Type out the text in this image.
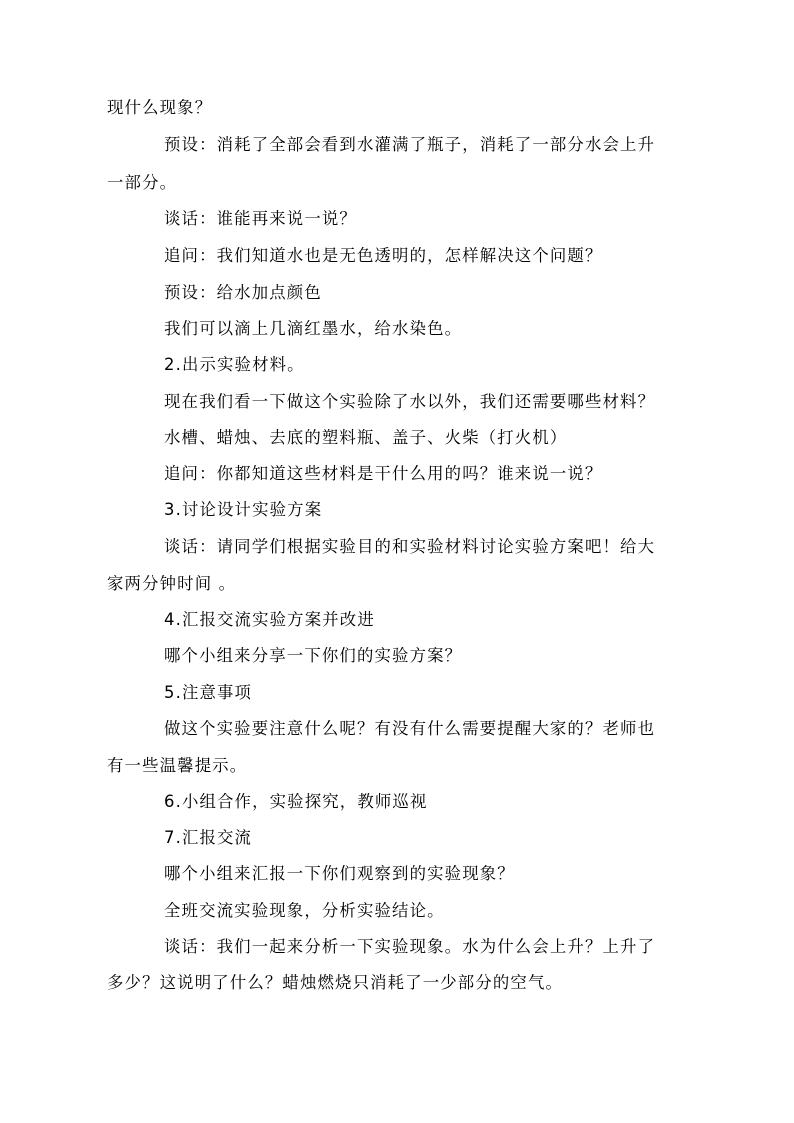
现什么现象？
预设：消耗了全部会看到水灌满了瓶子，消耗了一部分水会上升
一部分。
谈话：谁能再来说一说？
追问：我们知道水也是无色透明的，怎样解决这个问题？
预设：给水加点颜色
我们可以滴上几滴红墨水，给水染色。
2.出示实验材料。
现在我们看一下做这个实验除了水以外，我们还需要哪些材料？
水槽、蜡烛、去底的塑料瓶、盖子、火柴（打火机）
追问：你都知道这些材料是干什么用的吗？谁来说一说？
3.讨论设计实验方案
谈话：请同学们根据实验目的和实验材料讨论实验方案吧！给大
家两分钟时间 。
4.汇报交流实验方案并改进
哪个小组来分享一下你们的实验方案？
5.注意事项
做这个实验要注意什么呢？有没有什么需要提醒大家的？老师也
有一些温馨提示。
6.小组合作，实验探究，教师巡视
7.汇报交流
哪个小组来汇报一下你们观察到的实验现象？
全班交流实验现象，分析实验结论。
谈话：我们一起来分析一下实验现象。水为什么会上升？上升了
多少？这说明了什么？蜡烛燃烧只消耗了一少部分的空气。
